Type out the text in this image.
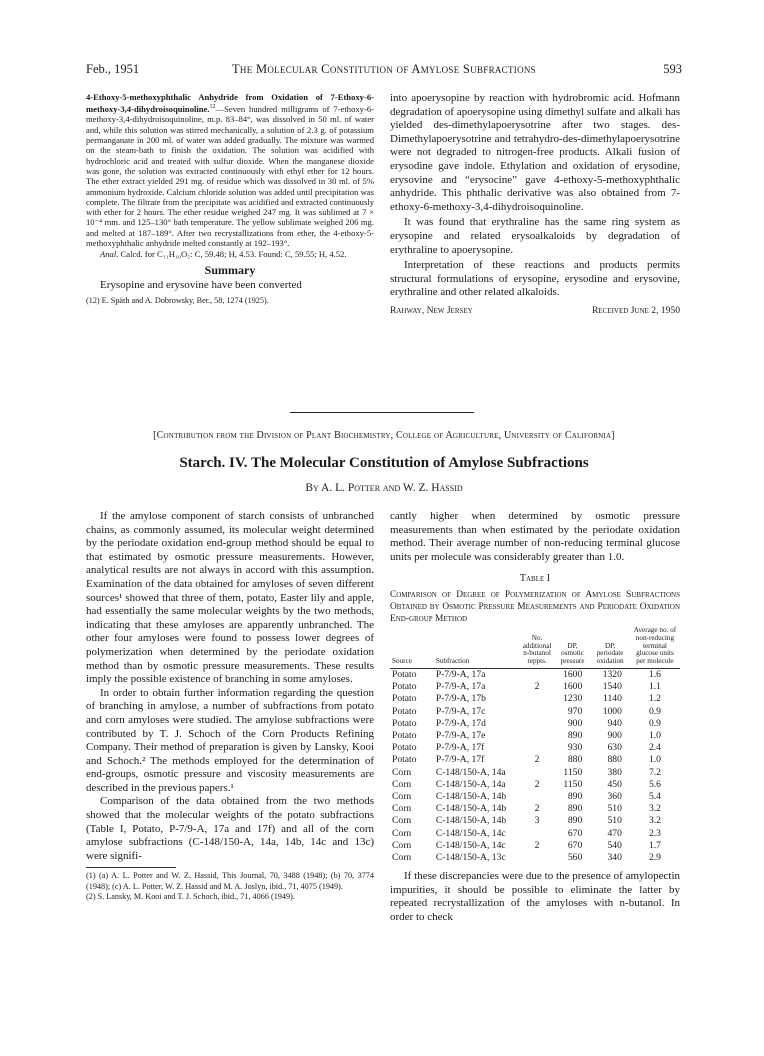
Feb., 1951	The Molecular Constitution of Amylose Subfractions	593

4-Ethoxy-5-methoxyphthalic Anhydride from Oxidation of 7-Ethoxy-6-methoxy-3,4-dihydroisoquinoline.$^{12}$—Seven hundred milligrams of 7-ethoxy-6-methoxy-3,4-dihydroisoquinoline, m.p. 83–84°, was dissolved in 50 ml. of water and, while this solution was stirred mechanically, a solution of 2.3 g. of potassium permanganate in 200 ml. of water was added gradually. The mixture was warmed on the steam-bath to finish the oxidation. The solution was acidified with hydrochloric acid and treated with sulfur dioxide. When the manganese dioxide was gone, the solution was extracted continuously with ethyl ether for 12 hours. The ether extract yielded 291 mg. of residue which was dissolved in 30 ml. of 5% ammonium hydroxide. Calcium chloride solution was added until precipitation was complete. The filtrate from the precipitate was acidified and extracted continuously with ether for 2 hours. The ether residue weighed 247 mg. It was sublimed at 7 × 10⁻⁴ mm. and 125–130° bath temperature. The yellow sublimate weighed 206 mg. and melted at 187–189°. After two recrystallizations from ether, the 4-ethoxy-5-methoxyphthalic anhydride melted constantly at 192–193°.

Anal. Calcd. for C₁₁H₁₀O₅: C, 59.48; H, 4.53. Found: C, 59.55; H, 4.52.

Summary

Erysopine and erysovine have been converted

(12) E. Späth and A. Dobrowsky, Ber., 58, 1274 (1925).

into apoerysopine by reaction with hydrobromic acid. Hofmann degradation of apoerysopine using dimethyl sulfate and alkali has yielded des-dimethylapoerysotrine after two stages. des-Dimethylapoerysotrine and tetrahydro-des-dimethylapoerysotrine were not degraded to nitrogen-free products. Alkali fusion of erysodine gave indole. Ethylation and oxidation of erysodine, erysovine and “erysocine” gave 4-ethoxy-5-methoxyphthalic anhydride. This phthalic derivative was also obtained from 7-ethoxy-6-methoxy-3,4-dihydroisoquinoline.

It was found that erythraline has the same ring system as erysopine and related erysoalkaloids by degradation of erythraline to apoerysopine.

Interpretation of these reactions and products permits structural formulations of erysopine, erysodine and erysovine, erythraline and other related alkaloids.

Rahway, New Jersey	Received June 2, 1950
[Contribution from the Division of Plant Biochemistry, College of Agriculture, University of California]
Starch. IV. The Molecular Constitution of Amylose Subfractions
By A. L. Potter and W. Z. Hassid

If the amylose component of starch consists of unbranched chains, as commonly assumed, its molecular weight determined by the periodate oxidation end-group method should be equal to that estimated by osmotic pressure measurements. However, analytical results are not always in accord with this assumption. Examination of the data obtained for amyloses of seven different sources¹ showed that three of them, potato, Easter lily and apple, had essentially the same molecular weights by the two methods, indicating that these amyloses are apparently unbranched. The other four amyloses were found to possess lower degrees of polymerization when determined by the periodate oxidation method than by osmotic pressure measurements. These results imply the possible existence of branching in some amyloses.

In order to obtain further information regarding the question of branching in amylose, a number of subfractions from potato and corn amyloses were studied. The amylose subfractions were contributed by T. J. Schoch of the Corn Products Refining Company. Their method of preparation is given by Lansky, Kooi and Schoch.² The methods employed for the determination of end-groups, osmotic pressure and viscosity measurements are described in the previous papers.¹

Comparison of the data obtained from the two methods showed that the molecular weights of the potato subfractions (Table I, Potato, P-7/9-A, 17a and 17f) and all of the corn amylose subfractions (C-148/150-A, 14a, 14b, 14c and 13c) were signifi-

(1) (a) A. L. Potter and W. Z. Hassid, This Journal, 70, 3488 (1948); (b) 70, 3774 (1948); (c) A. L. Potter, W. Z. Hassid and M. A. Joslyn, ibid., 71, 4075 (1949).

(2) S. Lansky, M. Kooi and T. J. Schoch, ibid., 71, 4066 (1949).

cantly higher when determined by osmotic pressure measurements than when estimated by the periodate oxidation method. Their average number of non-reducing terminal glucose units per molecule was considerably greater than 1.0.

Table I

Comparison of Degree of Polymerization of Amylose Subfractions Obtained by Osmotic Pressure Measurements and Periodate Oxidation End-group Method

Source	Subfraction	No. additional n-butanol reppts.	DP, osmotic pressure	DP, periodate oxidation	Average no. of non-reducing terminal glucose units per molecule
Potato	P-7/9-A, 17a		1600	1320	1.6
Potato	P-7/9-A, 17a	2	1600	1540	1.1
Potato	P-7/9-A, 17b		1230	1140	1.2
Potato	P-7/9-A, 17c		970	1000	0.9
Potato	P-7/9-A, 17d		900	940	0.9
Potato	P-7/9-A, 17e		890	900	1.0
Potato	P-7/9-A, 17f		930	630	2.4
Potato	P-7/9-A, 17f	2	880	880	1.0
Corn	C-148/150-A, 14a		1150	380	7.2
Corn	C-148/150-A, 14a	2	1150	450	5.6
Corn	C-148/150-A, 14b		890	360	5.4
Corn	C-148/150-A, 14b	2	890	510	3.2
Corn	C-148/150-A, 14b	3	890	510	3.2
Corn	C-148/150-A, 14c		670	470	2.3
Corn	C-148/150-A, 14c	2	670	540	1.7
Corn	C-148/150-A, 13c		560	340	2.9

If these discrepancies were due to the presence of amylopectin impurities, it should be possible to eliminate the latter by repeated recrystallization of the amyloses with n-butanol. In order to check
